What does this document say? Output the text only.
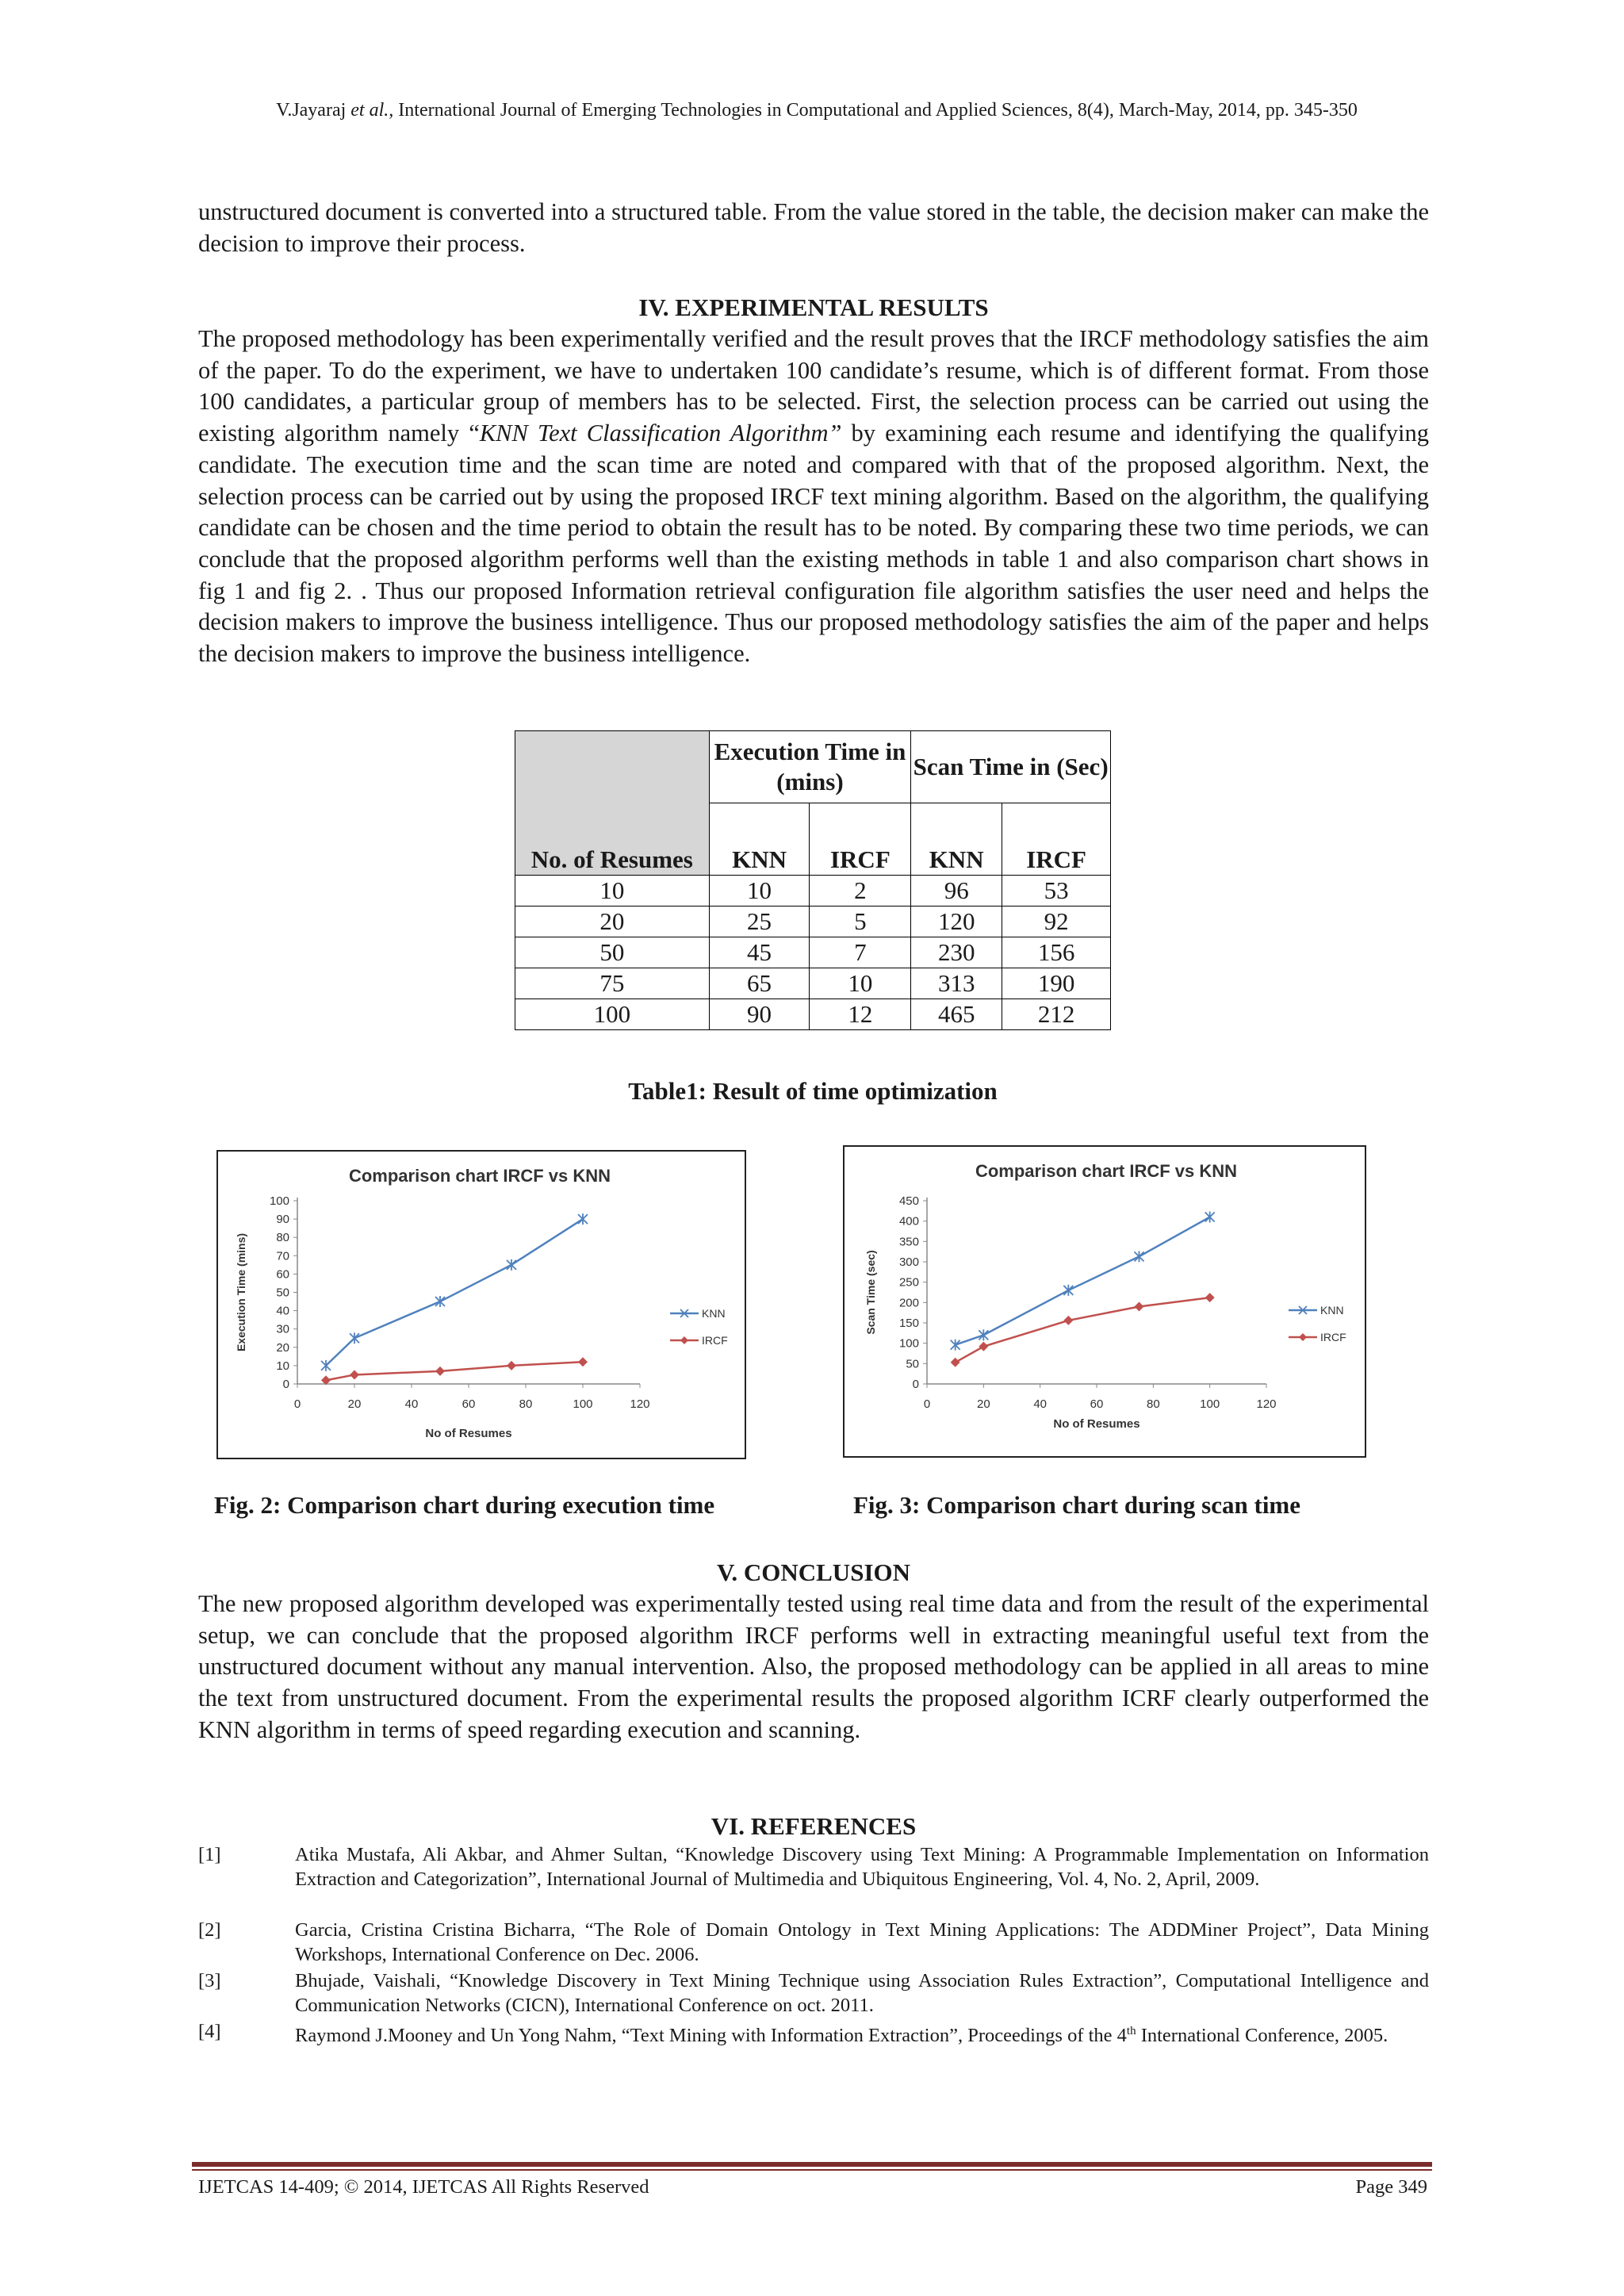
V.Jayaraj et al., International Journal of Emerging Technologies in Computational and Applied Sciences, 8(4), March-May, 2014, pp. 345-350
unstructured document is converted into a structured table. From the value stored in the table, the decision maker can make the decision to improve their process.
IV. EXPERIMENTAL RESULTS
The proposed methodology has been experimentally verified and the result proves that the IRCF methodology satisfies the aim of the paper. To do the experiment, we have to undertaken 100 candidate’s resume, which is of different format. From those 100 candidates, a particular group of members has to be selected. First, the selection process can be carried out using the existing algorithm namely “KNN Text Classification Algorithm” by examining each resume and identifying the qualifying candidate. The execution time and the scan time are noted and compared with that of the proposed algorithm. Next, the selection process can be carried out by using the proposed IRCF text mining algorithm. Based on the algorithm, the qualifying candidate can be chosen and the time period to obtain the result has to be noted. By comparing these two time periods, we can conclude that the proposed algorithm performs well than the existing methods in table 1 and also comparison chart shows in fig 1 and fig 2. . Thus our proposed Information retrieval configuration file algorithm satisfies the user need and helps the decision makers to improve the business intelligence. Thus our proposed methodology satisfies the aim of the paper and helps the decision makers to improve the business intelligence.
No. of Resumes	Execution Time in (mins)		Scan Time in (Sec)	
	KNN	IRCF	KNN	IRCF
10	10	2	96	53
20	25	5	120	92
50	45	7	230	156
75	65	10	313	190
100	90	12	465	212
Table1: Result of time optimization
Comparison chart IRCF vs KNN
0
10
20
30
40
50
60
70
80
90
100
0	20	40	60	80	100	120
No of Resumes
Execution Time (mins)	KNN
IRCF
Comparison chart IRCF vs KNN
0
50
100
150
200
250
300
350
400
450
0	20	40	60	80	100	120
No of Resumes
Scan Time (sec)	KNN
IRCF
Fig. 2: Comparison chart during execution time	Fig. 3: Comparison chart during scan time
V. CONCLUSION
The new proposed algorithm developed was experimentally tested using real time data and from the result of the experimental setup, we can conclude that the proposed algorithm IRCF performs well in extracting meaningful useful text from the unstructured document without any manual intervention. Also, the proposed methodology can be applied in all areas to mine the text from unstructured document. From the experimental results the proposed algorithm ICRF clearly outperformed the KNN algorithm in terms of speed regarding execution and scanning.
VI. REFERENCES
[1]	Atika Mustafa, Ali Akbar, and Ahmer Sultan, “Knowledge Discovery using Text Mining: A Programmable Implementation on Information Extraction and Categorization”, International Journal of Multimedia and Ubiquitous Engineering, Vol. 4, No. 2, April, 2009.
[2]	Garcia, Cristina Cristina Bicharra, “The Role of Domain Ontology in Text Mining Applications: The ADDMiner Project”, Data Mining Workshops, International Conference on Dec. 2006.
[3]	Bhujade, Vaishali, “Knowledge Discovery in Text Mining Technique using Association Rules Extraction”, Computational Intelligence and Communication Networks (CICN), International Conference on oct. 2011.
[4]	Raymond J.Mooney and Un Yong Nahm, “Text Mining with Information Extraction”, Proceedings of the 4th International Conference, 2005.
IJETCAS 14-409; © 2014, IJETCAS All Rights Reserved	Page 349
